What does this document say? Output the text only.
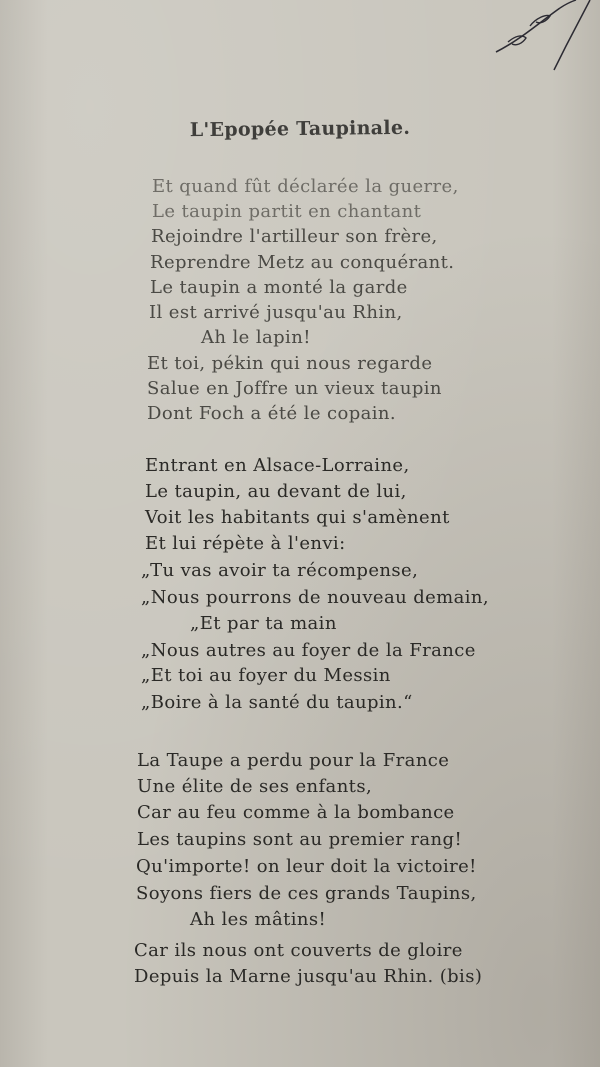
L'Epopée Taupinale.
Et quand fût déclarée la guerre,
Le taupin partit en chantant
Rejoindre l'artilleur son frère,
Reprendre Metz au conquérant.
Le taupin a monté la garde
Il est arrivé jusqu'au Rhin,
Ah le lapin!
Et toi, pékin qui nous regarde
Salue en Joffre un vieux taupin
Dont Foch a été le copain.
Entrant en Alsace-Lorraine,
Le taupin, au devant de lui,
Voit les habitants qui s'amènent
Et lui répète à l'envi:
„Tu vas avoir ta récompense,
„Nous pourrons de nouveau demain,
„Et par ta main
„Nous autres au foyer de la France
„Et toi au foyer du Messin
„Boire à la santé du taupin.“
La Taupe a perdu pour la France
Une élite de ses enfants,
Car au feu comme à la bombance
Les taupins sont au premier rang!
Qu'importe! on leur doit la victoire!
Soyons fiers de ces grands Taupins,
Ah les mâtins!
Car ils nous ont couverts de gloire
Depuis la Marne jusqu'au Rhin. (bis)
